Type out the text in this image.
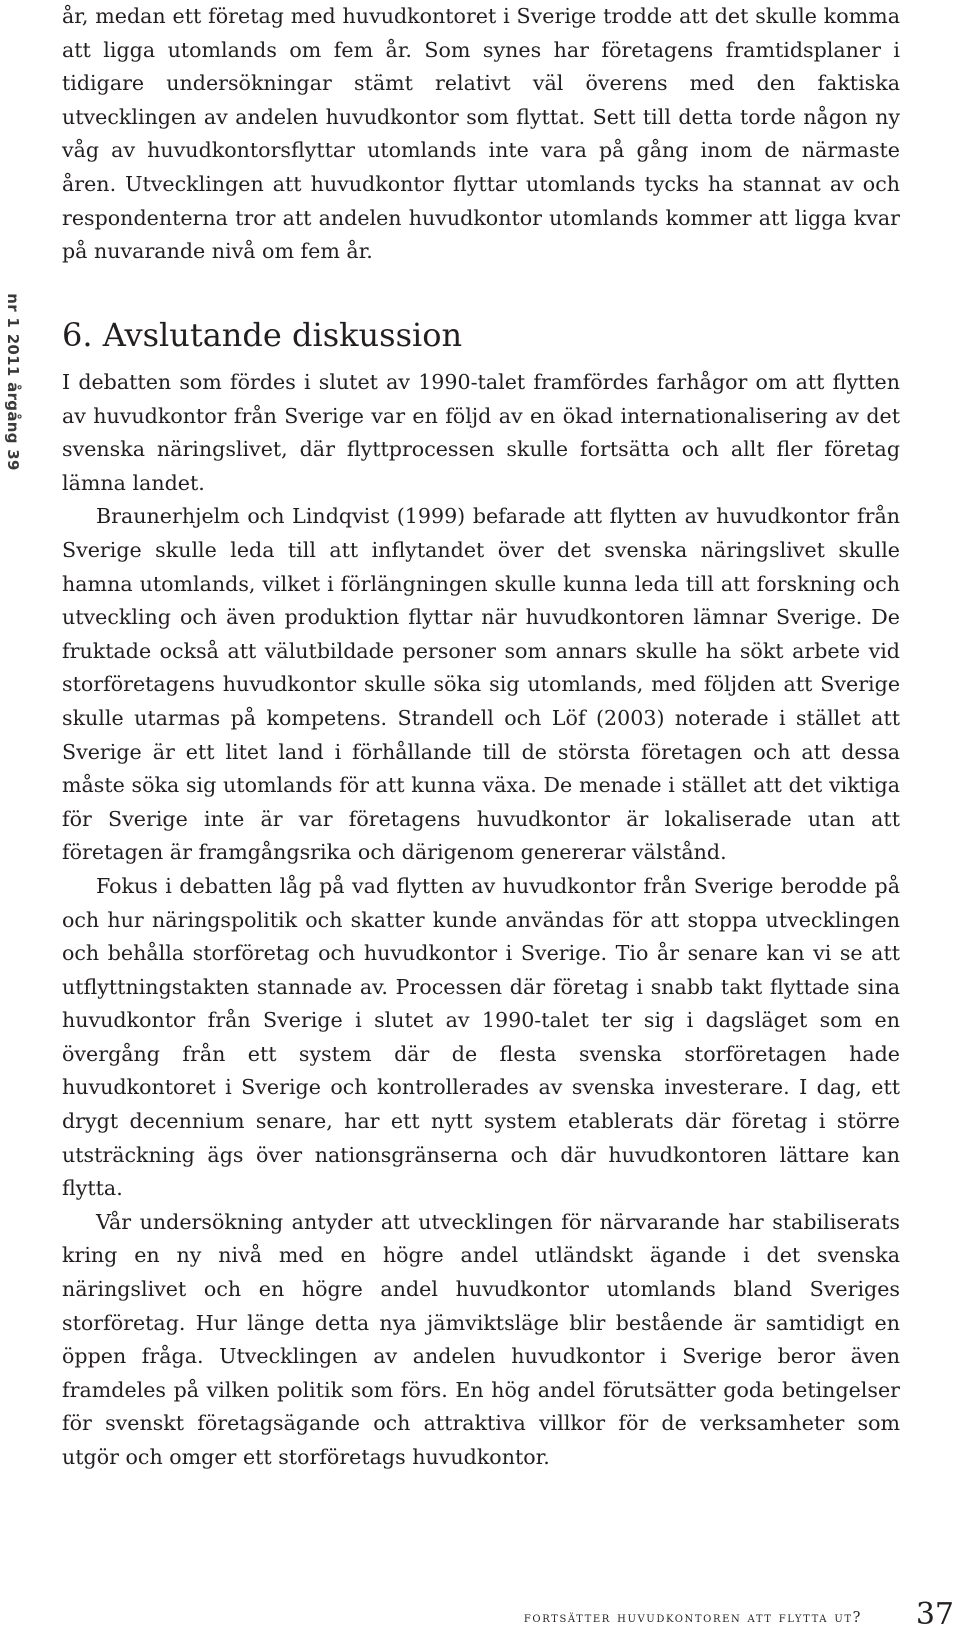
nr 1 2011 årgång 39

år, medan ett företag med huvudkontoret i Sverige trodde att det skulle komma att ligga utomlands om fem år. Som synes har företagens framtidsplaner i tidigare undersökningar stämt relativt väl överens med den faktiska utvecklingen av andelen huvudkontor som flyttat. Sett till detta torde någon ny våg av huvudkontorsflyttar utomlands inte vara på gång inom de närmaste åren. Utvecklingen att huvudkontor flyttar utomlands tycks ha stannat av och respondenterna tror att andelen huvudkontor utomlands kommer att ligga kvar på nuvarande nivå om fem år.

6. Avslutande diskussion

I debatten som fördes i slutet av 1990-talet framfördes farhågor om att flytten av huvudkontor från Sverige var en följd av en ökad internationalisering av det svenska näringslivet, där flyttprocessen skulle fortsätta och allt fler företag lämna landet.

Braunerhjelm och Lindqvist (1999) befarade att flytten av huvudkontor från Sverige skulle leda till att inflytandet över det svenska näringslivet skulle hamna utomlands, vilket i förlängningen skulle kunna leda till att forskning och utveckling och även produktion flyttar när huvudkontoren lämnar Sverige. De fruktade också att välutbildade personer som annars skulle ha sökt arbete vid storföretagens huvudkontor skulle söka sig utomlands, med följden att Sverige skulle utarmas på kompetens. Strandell och Löf (2003) noterade i stället att Sverige är ett litet land i förhållande till de största företagen och att dessa måste söka sig utomlands för att kunna växa. De menade i stället att det viktiga för Sverige inte är var företagens huvudkontor är lokaliserade utan att företagen är framgångsrika och därigenom genererar välstånd.

Fokus i debatten låg på vad flytten av huvudkontor från Sverige berodde på och hur näringspolitik och skatter kunde användas för att stoppa utvecklingen och behålla storföretag och huvudkontor i Sverige. Tio år senare kan vi se att utflyttningstakten stannade av. Processen där företag i snabb takt flyttade sina huvudkontor från Sverige i slutet av 1990-talet ter sig i dagsläget som en övergång från ett system där de flesta svenska storföretagen hade huvudkontoret i Sverige och kontrollerades av svenska investerare. I dag, ett drygt decennium senare, har ett nytt system etablerats där företag i större utsträckning ägs över nationsgränserna och där huvudkontoren lättare kan flytta.

Vår undersökning antyder att utvecklingen för närvarande har stabiliserats kring en ny nivå med en högre andel utländskt ägande i det svenska näringslivet och en högre andel huvudkontor utomlands bland Sveriges storföretag. Hur länge detta nya jämviktsläge blir bestående är samtidigt en öppen fråga. Utvecklingen av andelen huvudkontor i Sverige beror även framdeles på vilken politik som förs. En hög andel förutsätter goda betingelser för svenskt företagsägande och attraktiva villkor för de verksamheter som utgör och omger ett storföretags huvudkontor.

fortsätter huvudkontoren att flytta ut? 37
